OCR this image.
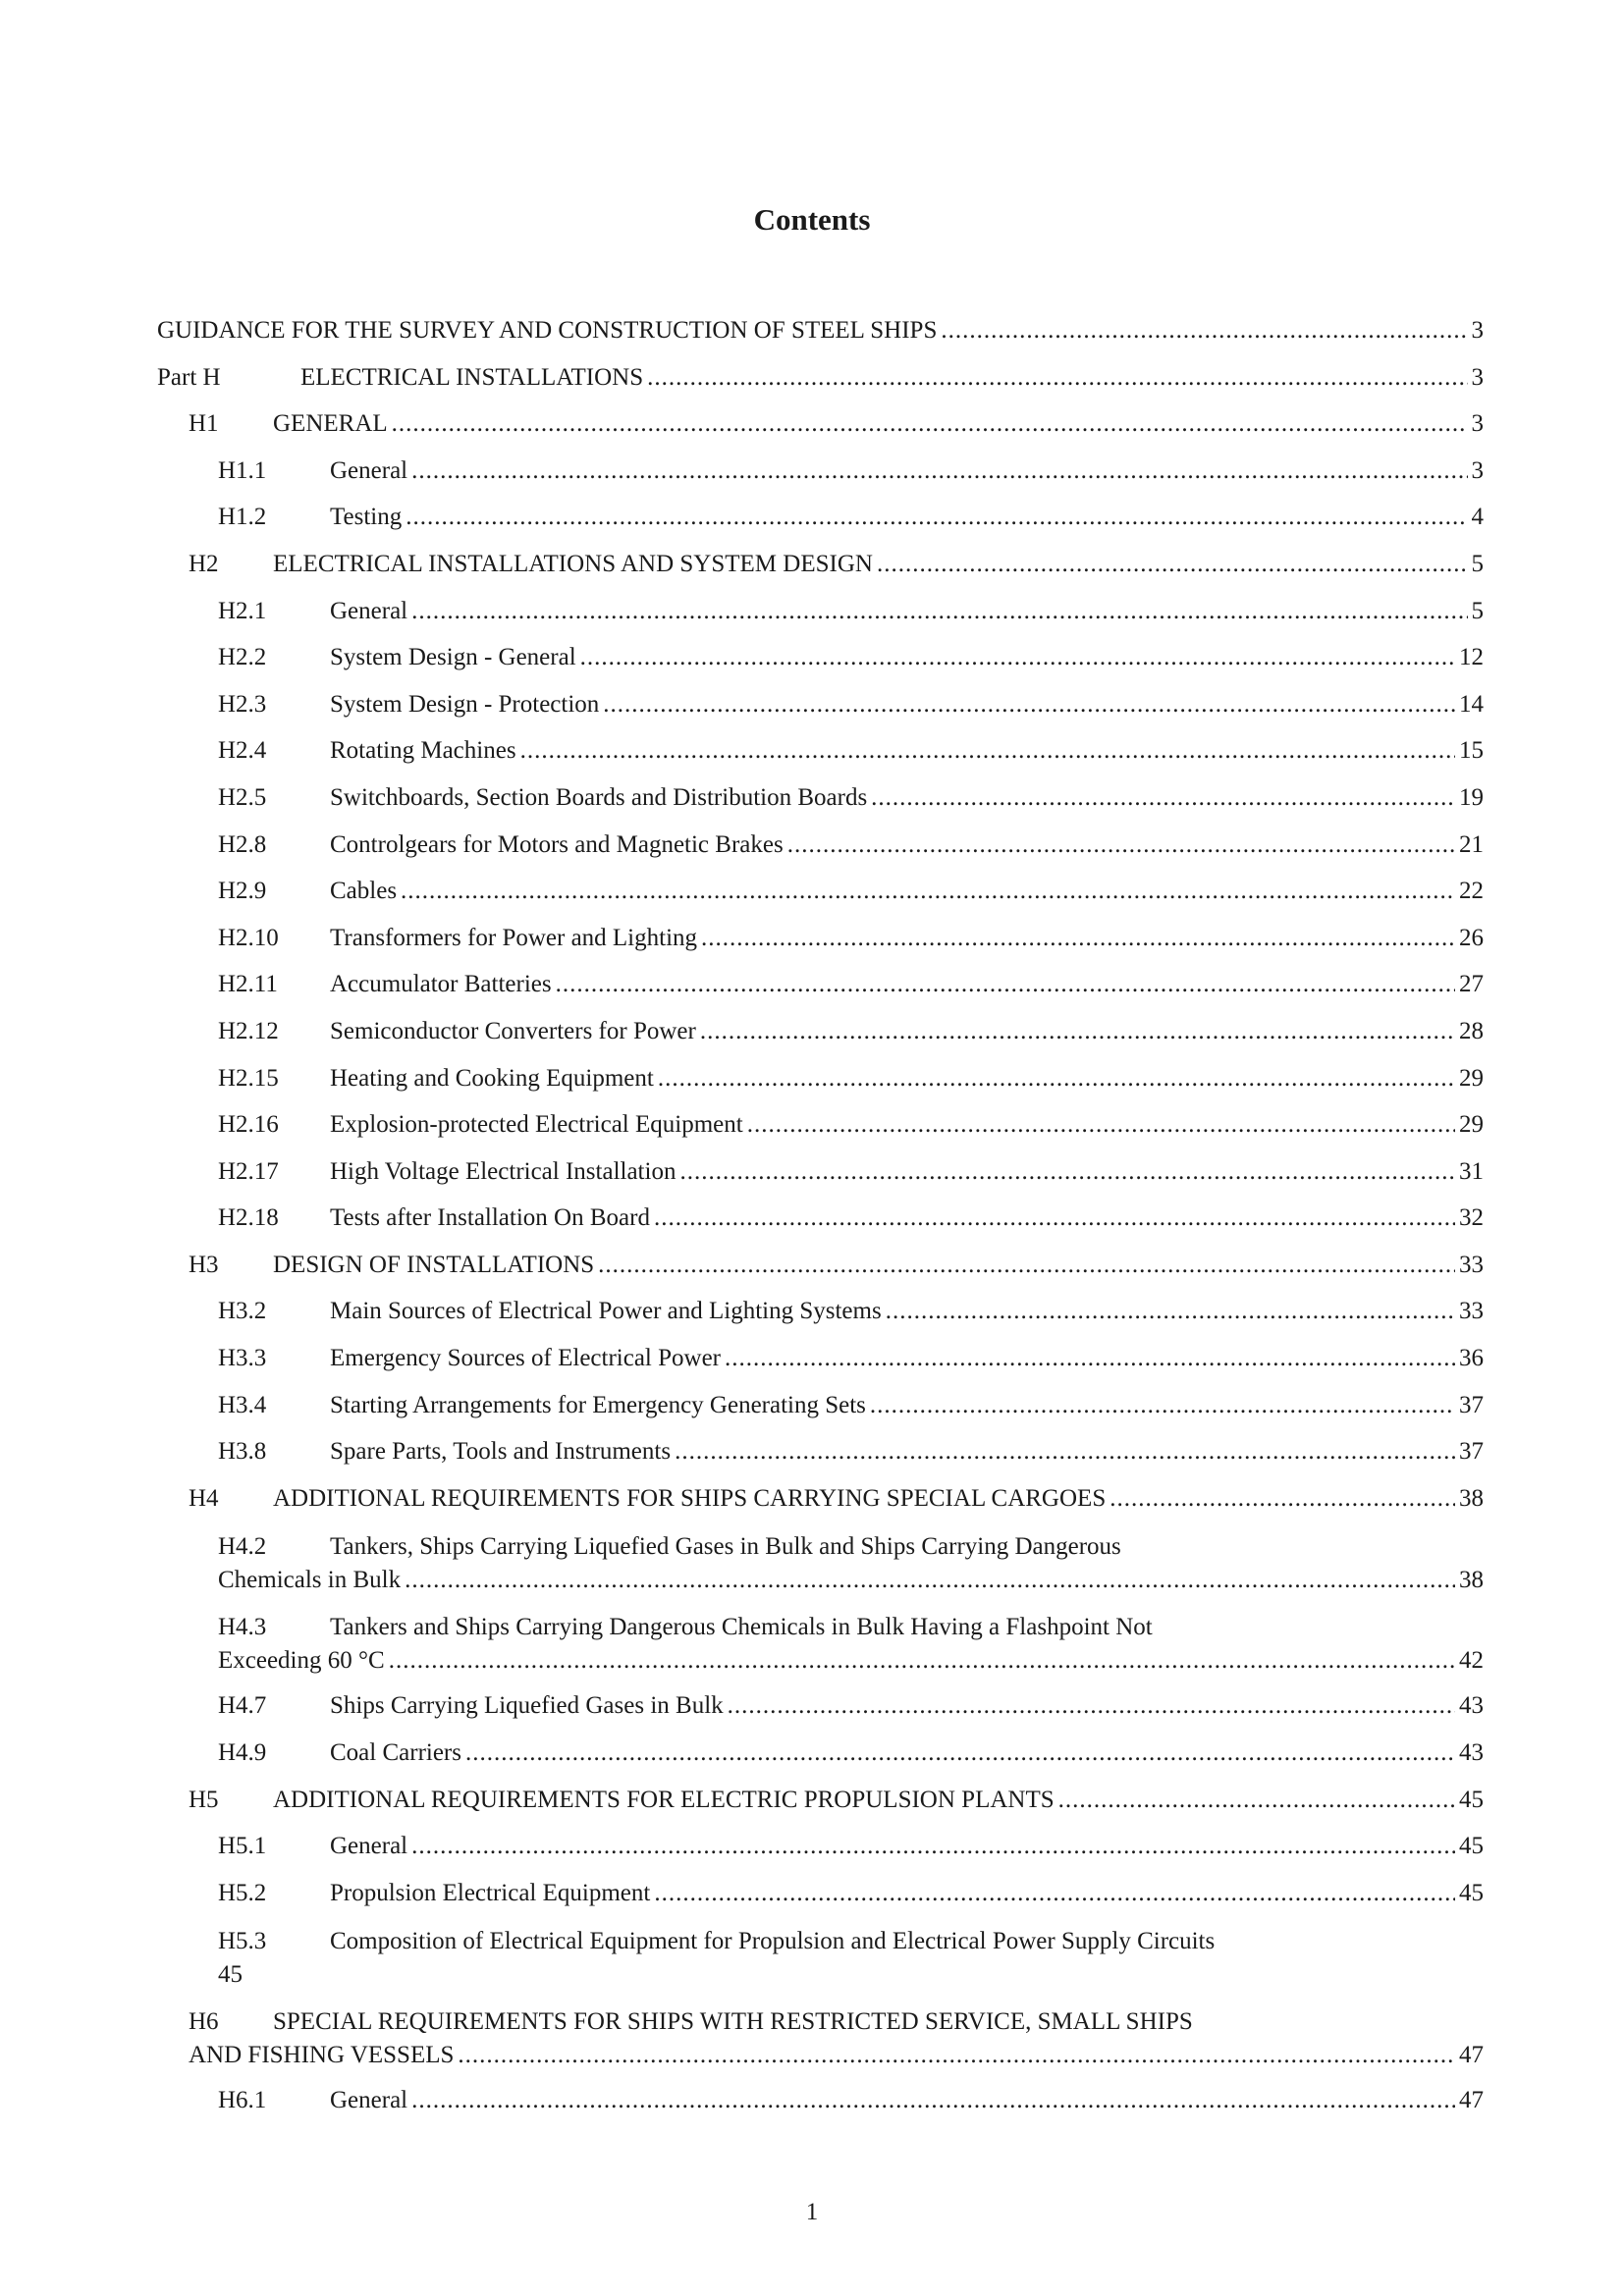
Contents
GUIDANCE FOR THE SURVEY AND CONSTRUCTION OF STEEL SHIPS .....	3
Part H	ELECTRICAL INSTALLATIONS .....	3
H1	GENERAL .....	3
H1.1	General .....	3
H1.2	Testing .....	4
H2	ELECTRICAL INSTALLATIONS AND SYSTEM DESIGN .....	5
H2.1	General .....	5
H2.2	System Design - General .....	12
H2.3	System Design - Protection .....	14
H2.4	Rotating Machines .....	15
H2.5	Switchboards, Section Boards and Distribution Boards .....	19
H2.8	Controlgears for Motors and Magnetic Brakes .....	21
H2.9	Cables .....	22
H2.10	Transformers for Power and Lighting .....	26
H2.11	Accumulator Batteries .....	27
H2.12	Semiconductor Converters for Power .....	28
H2.15	Heating and Cooking Equipment .....	29
H2.16	Explosion-protected Electrical Equipment .....	29
H2.17	High Voltage Electrical Installation .....	31
H2.18	Tests after Installation On Board .....	32
H3	DESIGN OF INSTALLATIONS .....	33
H3.2	Main Sources of Electrical Power and Lighting Systems .....	33
H3.3	Emergency Sources of Electrical Power .....	36
H3.4	Starting Arrangements for Emergency Generating Sets .....	37
H3.8	Spare Parts, Tools and Instruments .....	37
H4	ADDITIONAL REQUIREMENTS FOR SHIPS CARRYING SPECIAL CARGOES .....	38
H4.2	Tankers, Ships Carrying Liquefied Gases in Bulk and Ships Carrying Dangerous
Chemicals in Bulk .....	38
H4.3	Tankers and Ships Carrying Dangerous Chemicals in Bulk Having a Flashpoint Not
Exceeding 60 °C .....	42
H4.7	Ships Carrying Liquefied Gases in Bulk .....	43
H4.9	Coal Carriers .....	43
H5	ADDITIONAL REQUIREMENTS FOR ELECTRIC PROPULSION PLANTS .....	45
H5.1	General .....	45
H5.2	Propulsion Electrical Equipment .....	45
H5.3	Composition of Electrical Equipment for Propulsion and Electrical Power Supply Circuits
45
H6	SPECIAL REQUIREMENTS FOR SHIPS WITH RESTRICTED SERVICE, SMALL SHIPS
AND FISHING VESSELS .....	47
H6.1	General .....	47
1
